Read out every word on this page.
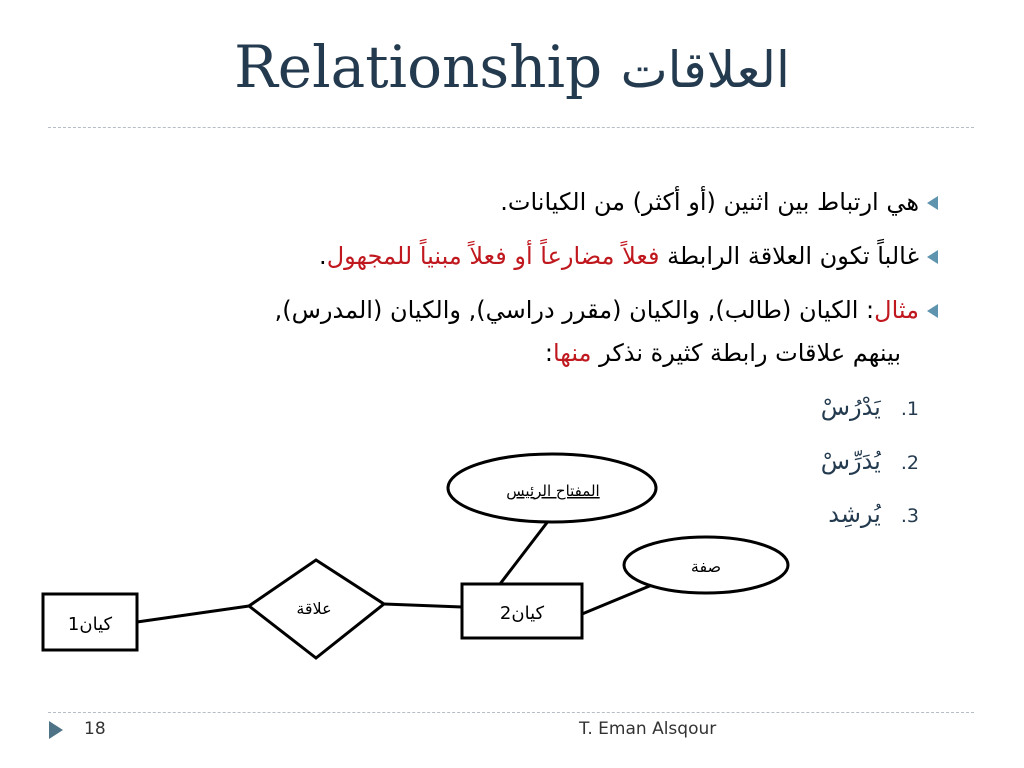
Relationship العلاقات
هي ارتباط بين اثنين (أو أكثر) من الكيانات.
غالباً تكون العلاقة الرابطة فعلاً مضارعاً أو فعلاً مبنياً للمجهول.
مثال: الكيان (طالب), والكيان (مقرر دراسي), والكيان (المدرس),
بينهم علاقات رابطة كثيرة نذكر منها:
1.يَدْرُسْ
2.يُدَرِّسْ
3.يُرشِد
كيان1
علاقة	كيان2
المفتاح الرئيس
صفة
18	T. Eman Alsqour
